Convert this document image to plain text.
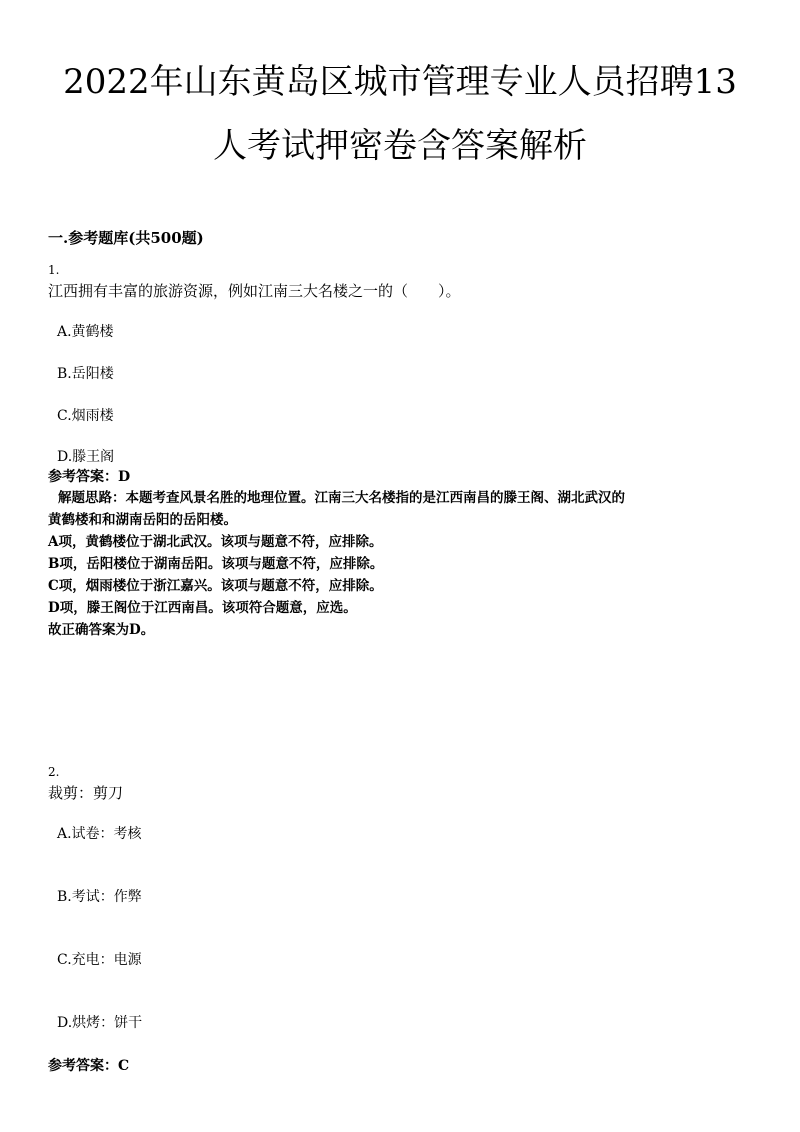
2022年山东黄岛区城市管理专业人员招聘13
人考试押密卷含答案解析
一.参考题库(共500题)
1.
江西拥有丰富的旅游资源，例如江南三大名楼之一的（　　）。
A.黄鹤楼
B.岳阳楼
C.烟雨楼
D.滕王阁
参考答案：D

解题思路：本题考查风景名胜的地理位置。江南三大名楼指的是江西南昌的滕王阁、湖北武汉的

黄鹤楼和和湖南岳阳的岳阳楼。

A项，黄鹤楼位于湖北武汉。该项与题意不符，应排除。

B项，岳阳楼位于湖南岳阳。该项与题意不符，应排除。

C项，烟雨楼位于浙江嘉兴。该项与题意不符，应排除。

D项，滕王阁位于江西南昌。该项符合题意，应选。

故正确答案为D。

2.
裁剪：剪刀
A.试卷：考核
B.考试：作弊
C.充电：电源
D.烘烤：饼干
参考答案：C
